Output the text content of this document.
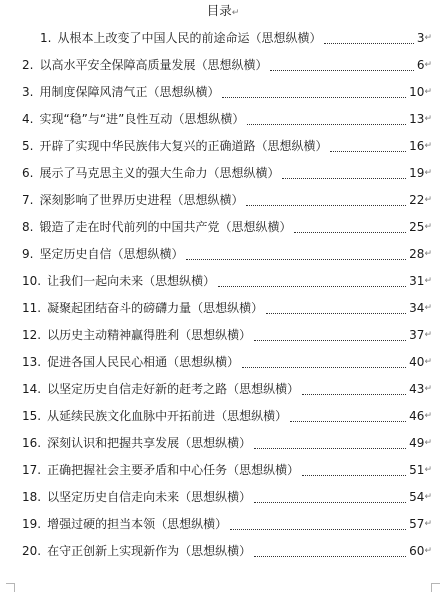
目录↵
1. 从根本上改变了中国人民的前途命运（思想纵横）	3 ↵
2. 以高水平安全保障高质量发展（思想纵横）	6 ↵
3. 用制度保障风清气正（思想纵横）	10 ↵
4. 实现“稳”与“进”良性互动（思想纵横）	13 ↵
5. 开辟了实现中华民族伟大复兴的正确道路（思想纵横）	16 ↵
6. 展示了马克思主义的强大生命力（思想纵横）	19 ↵
7. 深刻影响了世界历史进程（思想纵横）	22 ↵
8. 锻造了走在时代前列的中国共产党（思想纵横）	25 ↵
9. 坚定历史自信（思想纵横）	28 ↵
10. 让我们一起向未来（思想纵横）	31 ↵
11. 凝聚起团结奋斗的磅礴力量（思想纵横）	34 ↵
12. 以历史主动精神赢得胜利（思想纵横）	37 ↵
13. 促进各国人民民心相通（思想纵横）	40 ↵
14. 以坚定历史自信走好新的赶考之路（思想纵横）	43 ↵
15. 从延续民族文化血脉中开拓前进（思想纵横）	46 ↵
16. 深刻认识和把握共享发展（思想纵横）	49 ↵
17. 正确把握社会主要矛盾和中心任务（思想纵横）	51 ↵
18. 以坚定历史自信走向未来（思想纵横）	54 ↵
19. 增强过硬的担当本领（思想纵横）	57 ↵
20. 在守正创新上实现新作为（思想纵横）	60 ↵
